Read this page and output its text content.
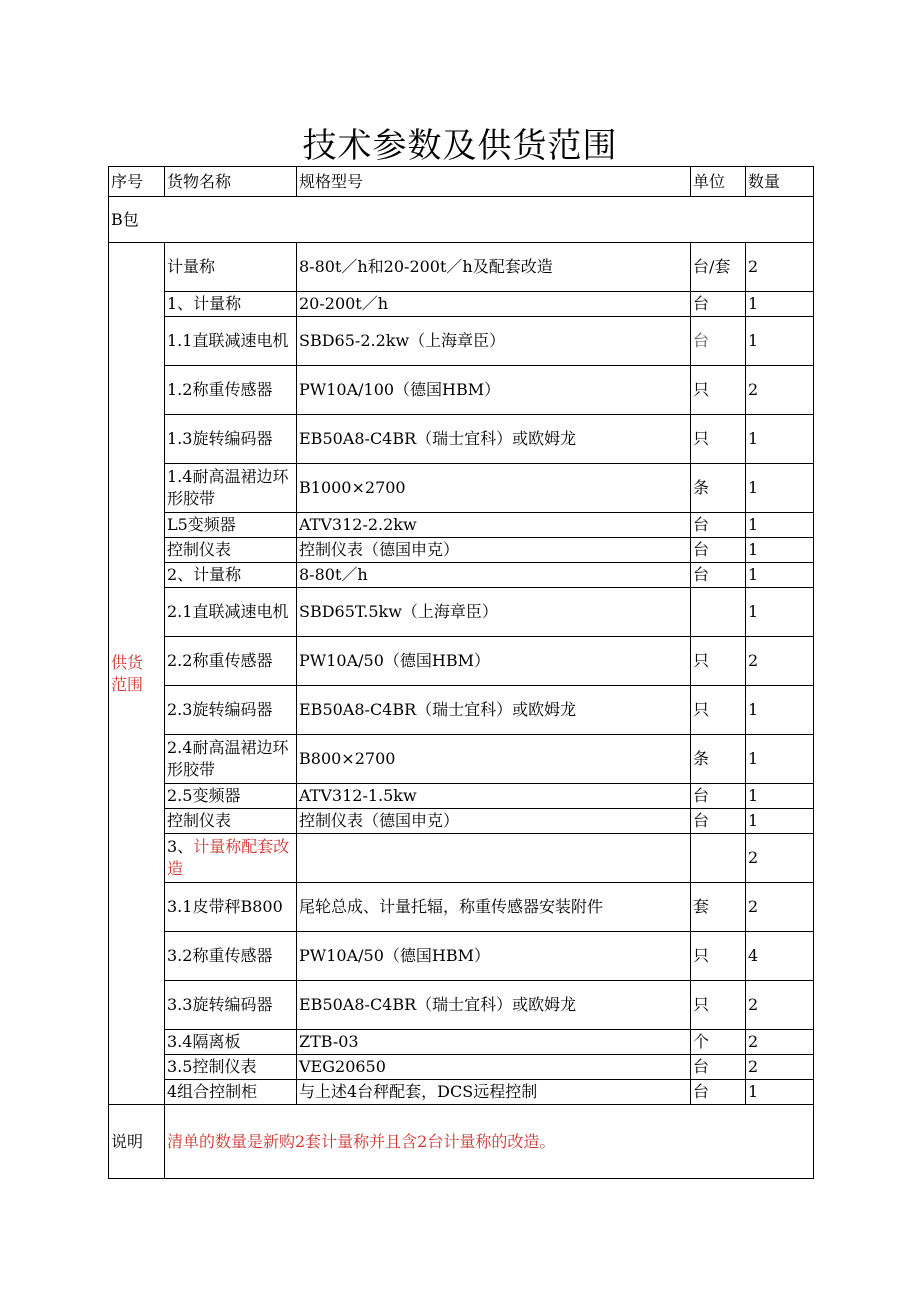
技术参数及供货范围
序号	货物名称	规格型号	单位	数量
B包				
供货
范围	计量称	8-80t／h和20-200t／h及配套改造	台/套	2
	1、计量称	20-200t／h	台	1
	1.1直联减速电机	SBD65-2.2kw（上海章臣）	台	1
	1.2称重传感器	PW10A/100（德国HBM）	只	2
	1.3旋转编码器	EB50A8-C4BR（瑞士宜科）或欧姆龙	只	1
	1.4耐高温裙边环形胶带	B1000×2700	条	1
	L5变频器	ATV312-2.2kw	台	1
	控制仪表	控制仪表（德国申克）	台	1
	2、计量称	8-80t／h	台	1
	2.1直联减速电机	SBD65T.5kw（上海章臣）		1
	2.2称重传感器	PW10A/50（德国HBM）	只	2
	2.3旋转编码器	EB50Α8-C4BR（瑞士宜科）或欧姆龙	只	1
	2.4耐高温裙边环形胶带	B800×2700	条	1
	2.5变频器	ATV312-1.5kw	台	1
	控制仪表	控制仪表（德国申克）	台	1
	3、计量称配套改造			2
	3.1皮带秤B800	尾轮总成、计量托辐，称重传感器安装附件	套	2
	3.2称重传感器	PW10A/50（德国HBM）	只	4
	3.3旋转编码器	EB50A8-C4BR（瑞士宜科）或欧姆龙	只	2
	3.4隔离板	ZTB-03	个	2
	3.5控制仪表	VEG20650	台	2
	4组合控制柜	与上述4台秤配套，DCS远程控制	台	1
说明	清单的数量是新购2套计量称并且含2台计量称的改造。			
